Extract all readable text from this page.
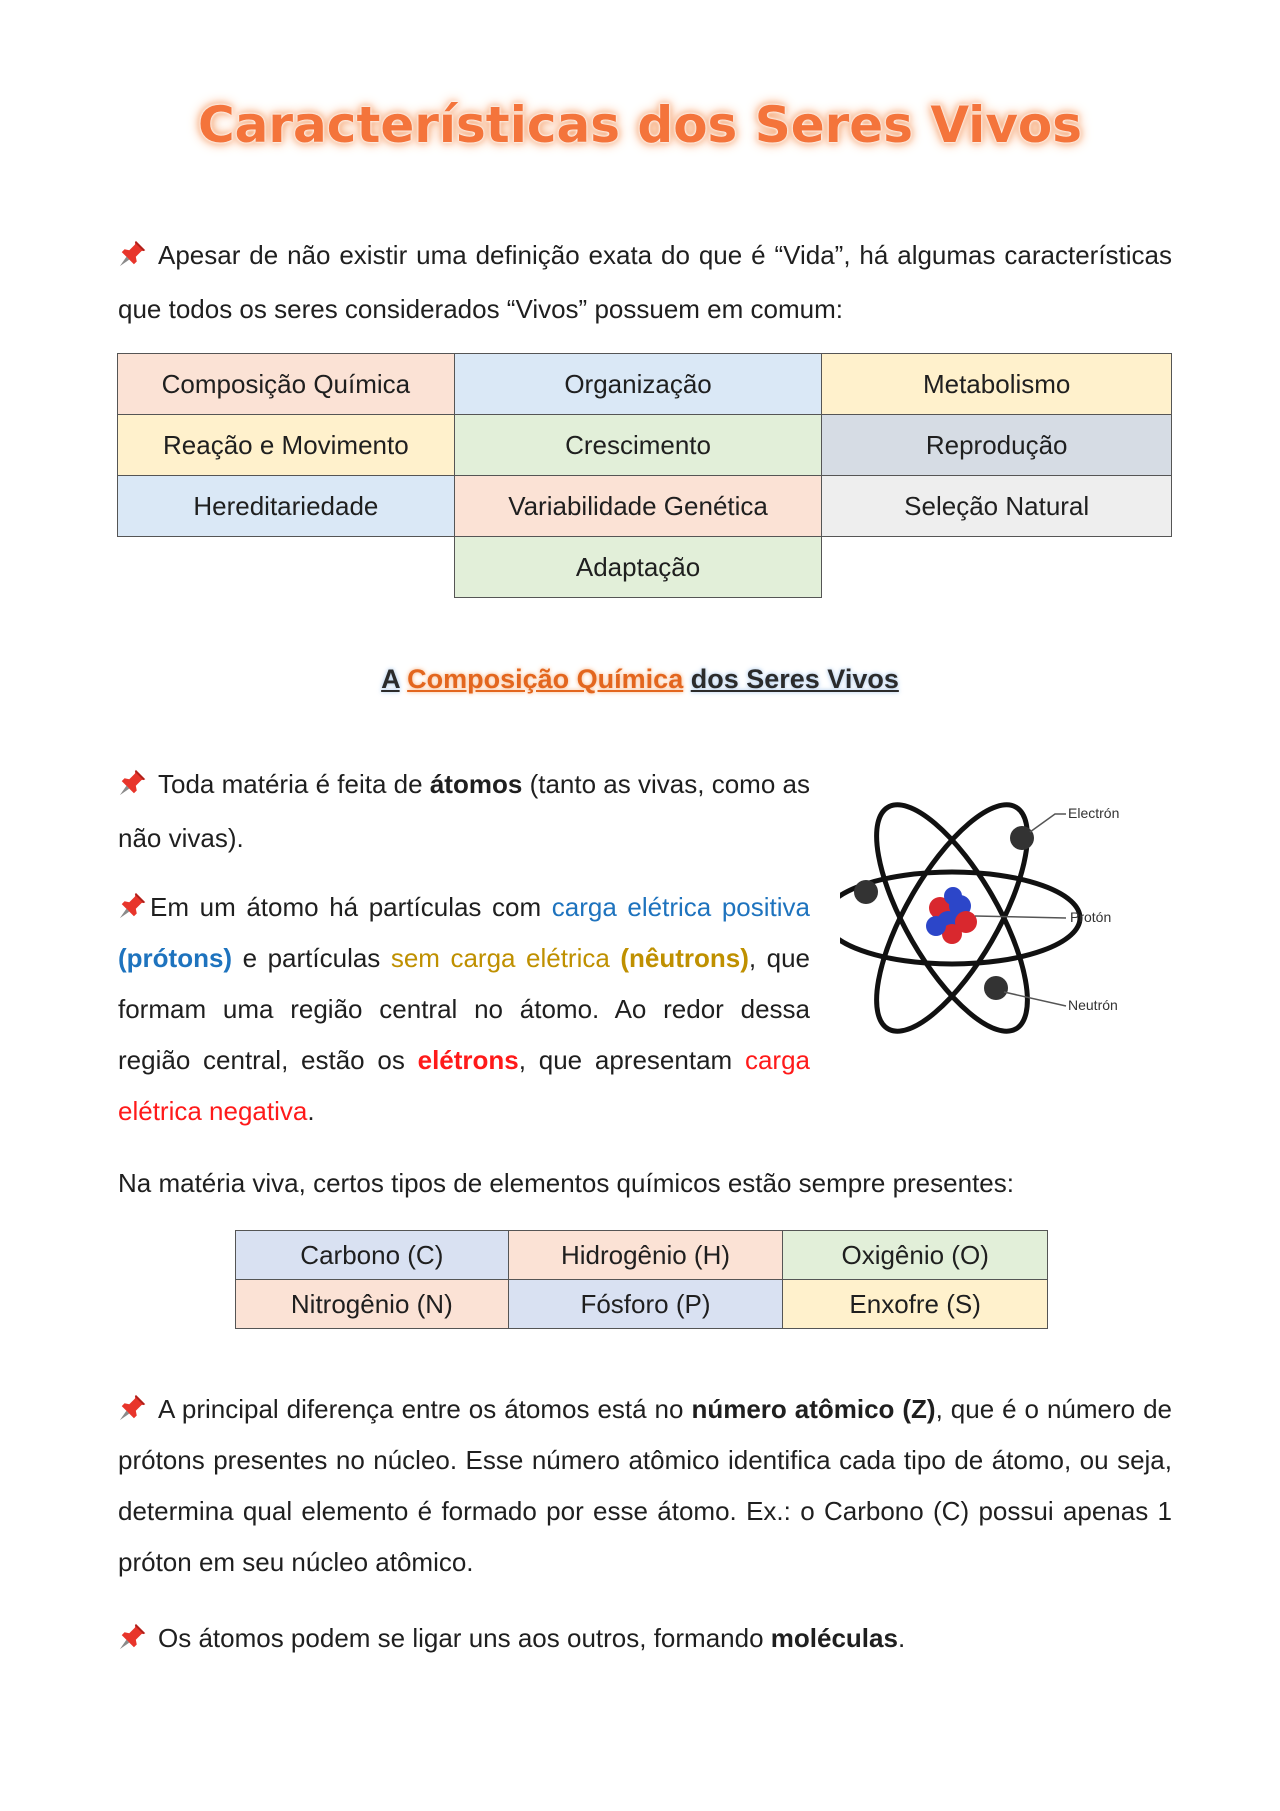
Características dos Seres Vivos
Apesar de não existir uma definição exata do que é “Vida”, há algumas características que todos os seres considerados “Vivos” possuem em comum:
Composição Química	Organização	Metabolismo
Reação e Movimento	Crescimento	Reprodução
Hereditariedade	Variabilidade Genética	Seleção Natural
	Adaptação	
A Composição Química dos Seres Vivos
Toda matéria é feita de átomos (tanto as vivas, como as não vivas).
Em um átomo há partículas com carga elétrica positiva (prótons) e partículas sem carga elétrica (nêutrons), que formam uma região central no átomo. Ao redor dessa região central, estão os elétrons, que apresentam carga elétrica negativa.
Electrón
Protón
Neutrón
Na matéria viva, certos tipos de elementos químicos estão sempre presentes:
Carbono (C)	Hidrogênio (H)	Oxigênio (O)
Nitrogênio (N)	Fósforo (P)	Enxofre (S)
A principal diferença entre os átomos está no número atômico (Z), que é o número de prótons presentes no núcleo. Esse número atômico identifica cada tipo de átomo, ou seja, determina qual elemento é formado por esse átomo. Ex.: o Carbono (C) possui apenas 1 próton em seu núcleo atômico.
Os átomos podem se ligar uns aos outros, formando moléculas.
